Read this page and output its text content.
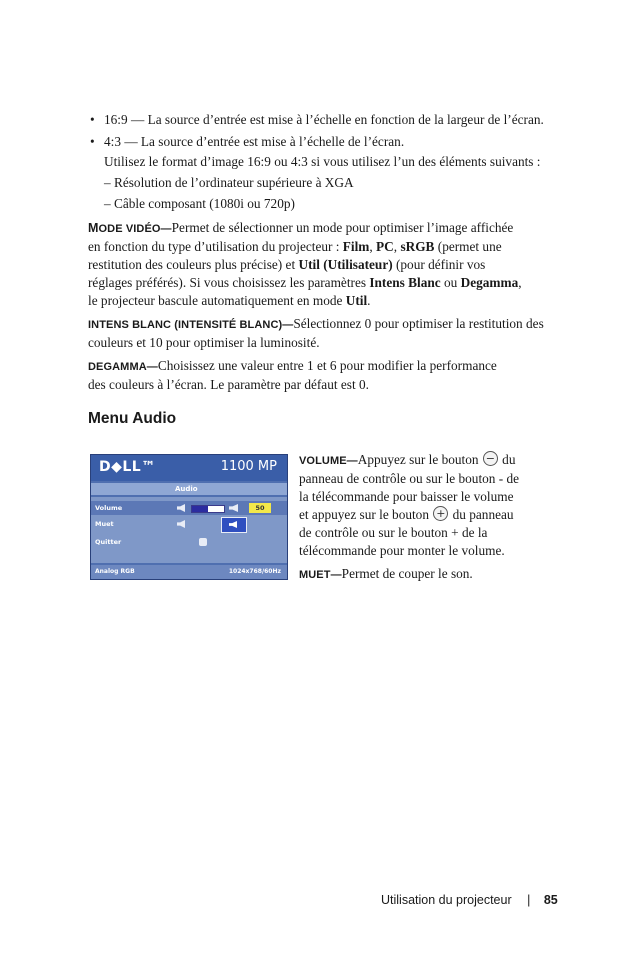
• 16:9 — La source d’entrée est mise à l’échelle en fonction de la largeur de l’écran.
• 4:3 — La source d’entrée est mise à l’échelle de l’écran.
Utilisez le format d’image 16:9 ou 4:3 si vous utilisez l’un des éléments suivants :
– Résolution de l’ordinateur supérieure à XGA
– Câble composant (1080i ou 720p)
MODE VIDÉO—Permet de sélectionner un mode pour optimiser l’image affichée
en fonction du type d’utilisation du projecteur : Film, PC, sRGB (permet une
restitution des couleurs plus précise) et Util (Utilisateur) (pour définir vos
réglages préférés). Si vous choisissez les paramètres Intens Blanc ou Degamma,
le projecteur bascule automatiquement en mode Util.
INTENS BLANC (INTENSITÉ BLANC)—Sélectionnez 0 pour optimiser la restitution des
couleurs et 10 pour optimiser la luminosité.
DEGAMMA—Choisissez une valeur entre 1 et 6 pour modifier la performance
des couleurs à l’écran. Le paramètre par défaut est 0.
Menu Audio
D◆LL™	1100 MP
Audio
Volume	50
Muet
Quitter
Analog RGB	1024x768/60Hz
VOLUME—Appuyez sur le bouton − du
panneau de contrôle ou sur le bouton - de
la télécommande pour baisser le volume
et appuyez sur le bouton + du panneau
de contrôle ou sur le bouton + de la
télécommande pour monter le volume.
MUET—Permet de couper le son.
Utilisation du projecteur | 85
